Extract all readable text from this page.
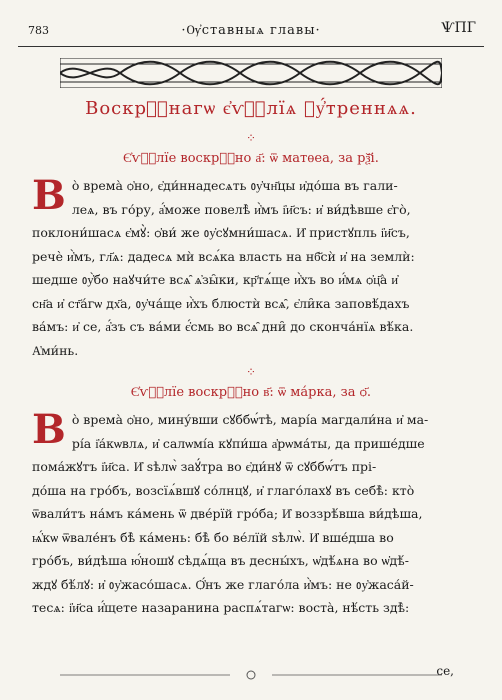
783	·Ѹ҆ставныѧ главы·	ѰПГ
Воскрⷭ҇нагѡ є҆ѵⷢ҇лїѧ ᲂу҆́треннѧѧ.
⁘
Є҆ѵⷢ҇лїе воскрⷭ҇но а҃: ѿ матѳеа, за рѯ҃і.
В о̀ врема̀ ѻ҆но, є҆ди́ннадесѧть ᲂу҆чн҃цы и҆до́ша въ гали-
леѧ, въ го́ру, а҆́може повелѣ̀ и҆̀мъ і҆и҃съ: и҆ ви́дѣвше є҆го̀,
поклони́шасѧ є҆мꙋ̀: ѻ҆ви́ же ᲂу҆сꙋмни́шасѧ. И҆ пристꙋпль і҆и҃съ,
речѐ и҆̀мъ, гл҃ѧ: дадесѧ мѝ всѧ́ка власть на нб҃сѝ и҆ на землѝ:
шедше ᲂу҆̀бо наꙋчи́те всѧ̑ ѧ҆зы̑ки, кр҃тѧ́ще и҆̀хъ во и҆́мѧ ѻ҆ц҃а̀ и҆
сн҃а и҆ ст҃а́гѡ дх҃а, ᲂу҆ча́ще и҆̀хъ блюстѝ всѧ̑, є҆ли̑ка заповѣ́дахъ
ва́мъ: и҆ се, а҆́зъ съ ва́ми є҆́смь во всѧ̑ дни̑ до сконча́нїѧ вѣ́ка.
А҆ми́нь.
⁘
Є҆ѵⷢ҇лїе воскрⷭ҇но в҃: ѿ ма́рка, за ѻ҃.
В о̀ врема̀ ѻ҆но, мину́вши сꙋббѡ́тѣ, марі́а магдали́на и҆ ма-
рі́а і҆а́кѡвлѧ, и҆ салѡмі́а кꙋпи́ша а҆рѡма́ты, да прише́дше
пома́жꙋтъ і҆и҃са. И҆ ѕѣлѡ̀ заꙋ́тра во є҆ди́нꙋ ѿ сꙋббѡ́тъ прі-
до́ша на гро́бъ, возсїѧ́вшꙋ со́лнцꙋ, и҆ глаго́лахꙋ въ себѣ̀: кто̀
ѿвали́тъ на́мъ ка́мень ѿ две́рїй гро́ба; И҆ воззрѣ́вша ви́дѣша,
ѩ҆́кѡ ѿвале́нъ бѣ̀ ка́мень: бѣ̀ бо ве́лїй ѕѣлѡ̀. И҆ вше́дша во
гро́бъ, ви́дѣша ю҆́ношꙋ сѣдѧ́ща въ десны́хъ, ѡ҆дѣ́ѧна во ѡ҆дѣ́-
ждꙋ бѣ́лꙋ: и҆ ᲂу҆жасо́шасѧ. Ѻ҆́нъ же глаго́ла и҆̀мъ: не ᲂу҆жаса́й-
тесѧ: і҆и҃са и҆́щете назаранина распѧ́тагѡ: воста̀, нѣ́сть здѣ̀:
се,
